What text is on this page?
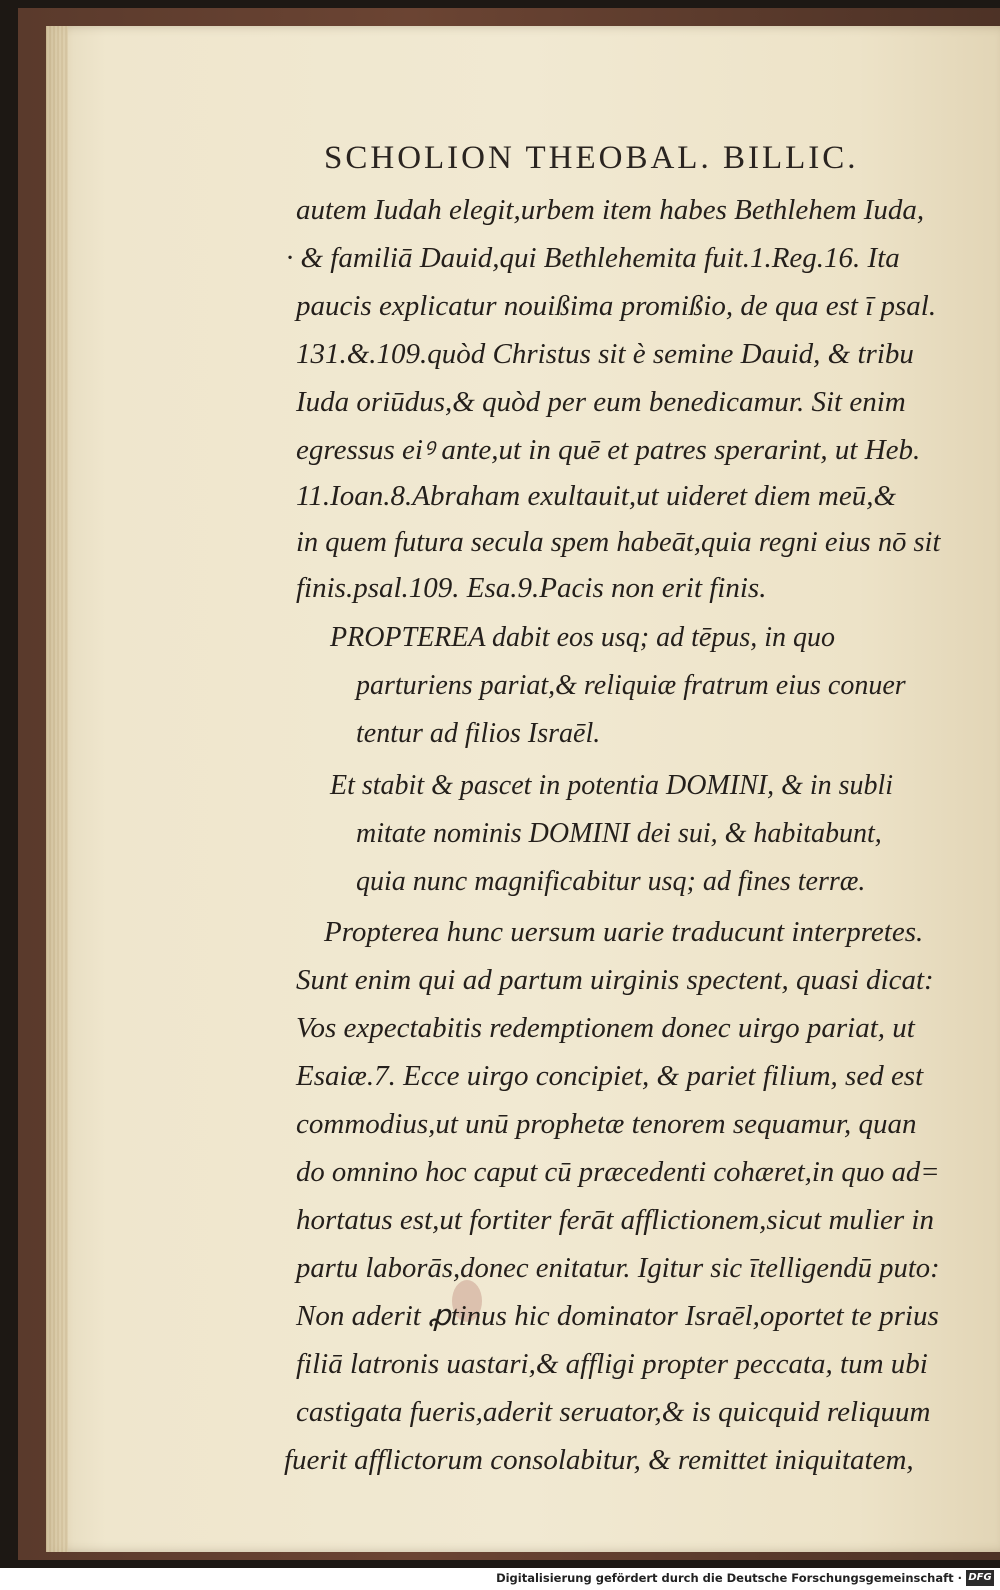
SCHOLION THEOBAL. BILLIC.
autem Iudah elegit,urbem item habes Bethlehem Iuda,
· & familiā Dauid,qui Bethlehemita fuit.1.Reg.16. Ita
paucis explicatur nouißima promißio, de qua est ī psal.
131.&.109.quòd Christus sit è semine Dauid, & tribu
Iuda oriūdus,& quòd per eum benedicamur. Sit enim
egressus eiꝰ ante,ut in quē et patres sperarint, ut Heb.
11.Ioan.8.Abraham exultauit,ut uideret diem meū,&
in quem futura secula spem habeāt,quia regni eius nō sit
finis.psal.109. Esa.9.Pacis non erit finis.
PROPTEREA dabit eos usq; ad tēpus, in quo
parturiens pariat,& reliquiæ fratrum eius conuer
tentur ad filios Israēl.
Et stabit & pascet in potentia DOMINI, & in subli
mitate nominis DOMINI dei sui, & habitabunt,
quia nunc magnificabitur usq; ad fines terræ.
Propterea hunc uersum uarie traducunt interpretes.
Sunt enim qui ad partum uirginis spectent, quasi dicat:
Vos expectabitis redemptionem donec uirgo pariat, ut
Esaiæ.7. Ecce uirgo concipiet, & pariet filium, sed est
commodius,ut unū prophetæ tenorem sequamur, quan
do omnino hoc caput cū præcedenti cohæret,in quo ad=
hortatus est,ut fortiter ferāt afflictionem,sicut mulier in
partu laborās,donec enitatur. Igitur sic ītelligendū puto:
Non aderit ꝓtinus hic dominator Israēl,oportet te prius
filiā latronis uastari,& affligi propter peccata, tum ubi
castigata fueris,aderit seruator,& is quicquid reliquum
fuerit afflictorum consolabitur, & remittet iniquitatem,
Digitalisierung gefördert durch die Deutsche Forschungsgemeinschaft · DFG
